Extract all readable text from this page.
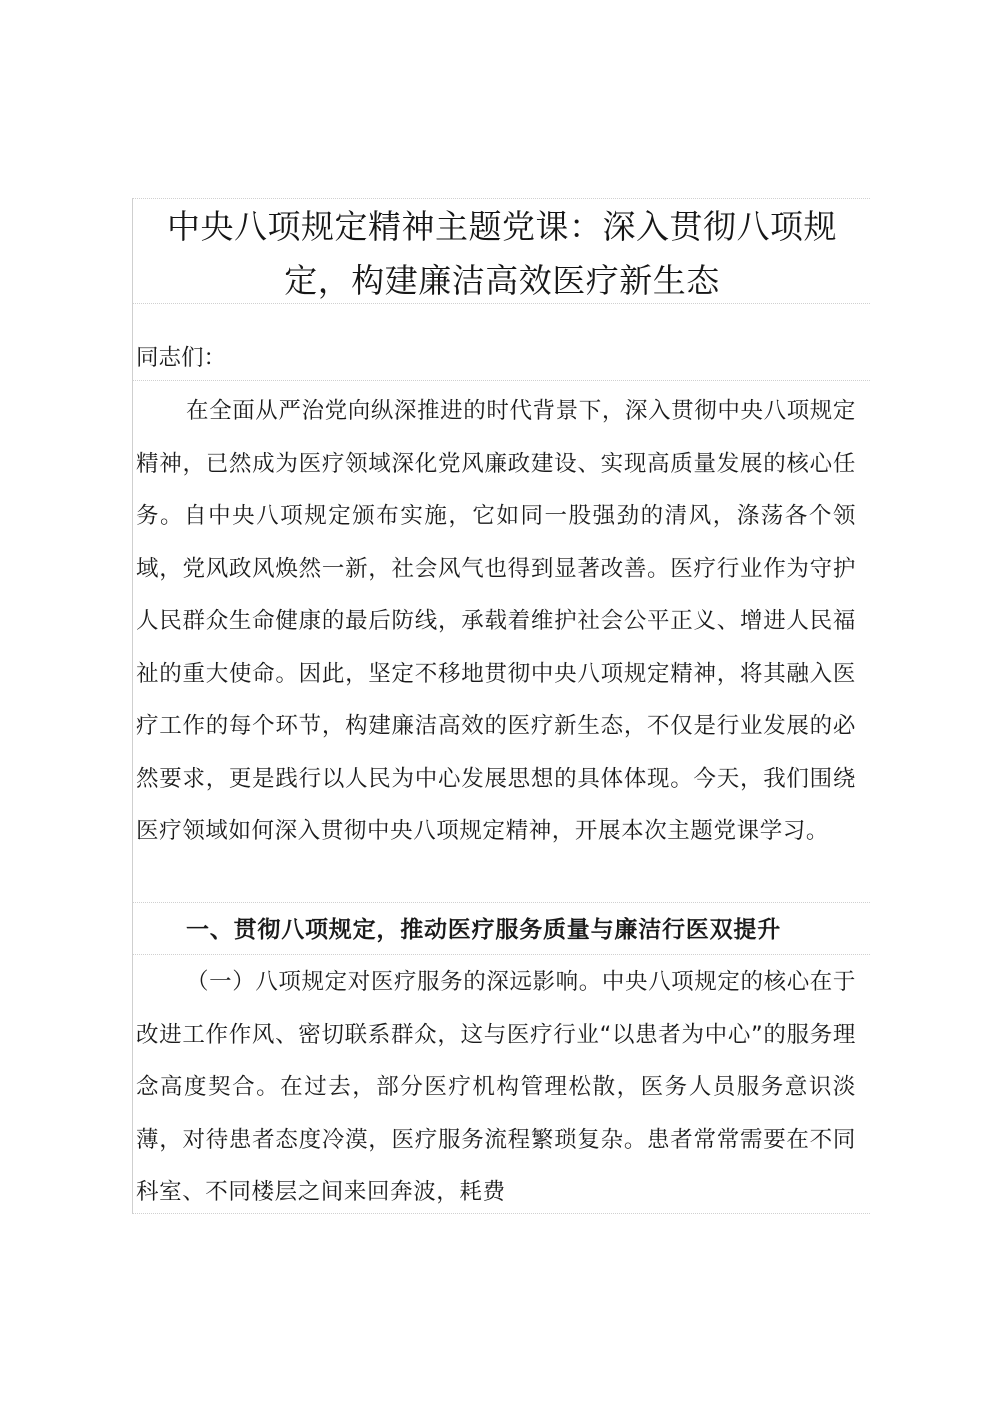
中央八项规定精神主题党课：深入贯彻八项规定，构建廉洁高效医疗新生态

同志们：

在全面从严治党向纵深推进的时代背景下，深入贯彻中央八项规定精神，已然成为医疗领域深化党风廉政建设、实现高质量发展的核心任务。自中央八项规定颁布实施，它如同一股强劲的清风，涤荡各个领域，党风政风焕然一新，社会风气也得到显著改善。医疗行业作为守护人民群众生命健康的最后防线，承载着维护社会公平正义、增进人民福祉的重大使命。因此，坚定不移地贯彻中央八项规定精神，将其融入医疗工作的每个环节，构建廉洁高效的医疗新生态，不仅是行业发展的必然要求，更是践行以人民为中心发展思想的具体体现。今天，我们围绕医疗领域如何深入贯彻中央八项规定精神，开展本次主题党课学习。

一、贯彻八项规定，推动医疗服务质量与廉洁行医双提升

（一）八项规定对医疗服务的深远影响。中央八项规定的核心在于改进工作作风、密切联系群众，这与医疗行业“以患者为中心”的服务理念高度契合。在过去，部分医疗机构管理松散，医务人员服务意识淡薄，对待患者态度冷漠，医疗服务流程繁琐复杂。患者常常需要在不同科室、不同楼层之间来回奔波，耗费
